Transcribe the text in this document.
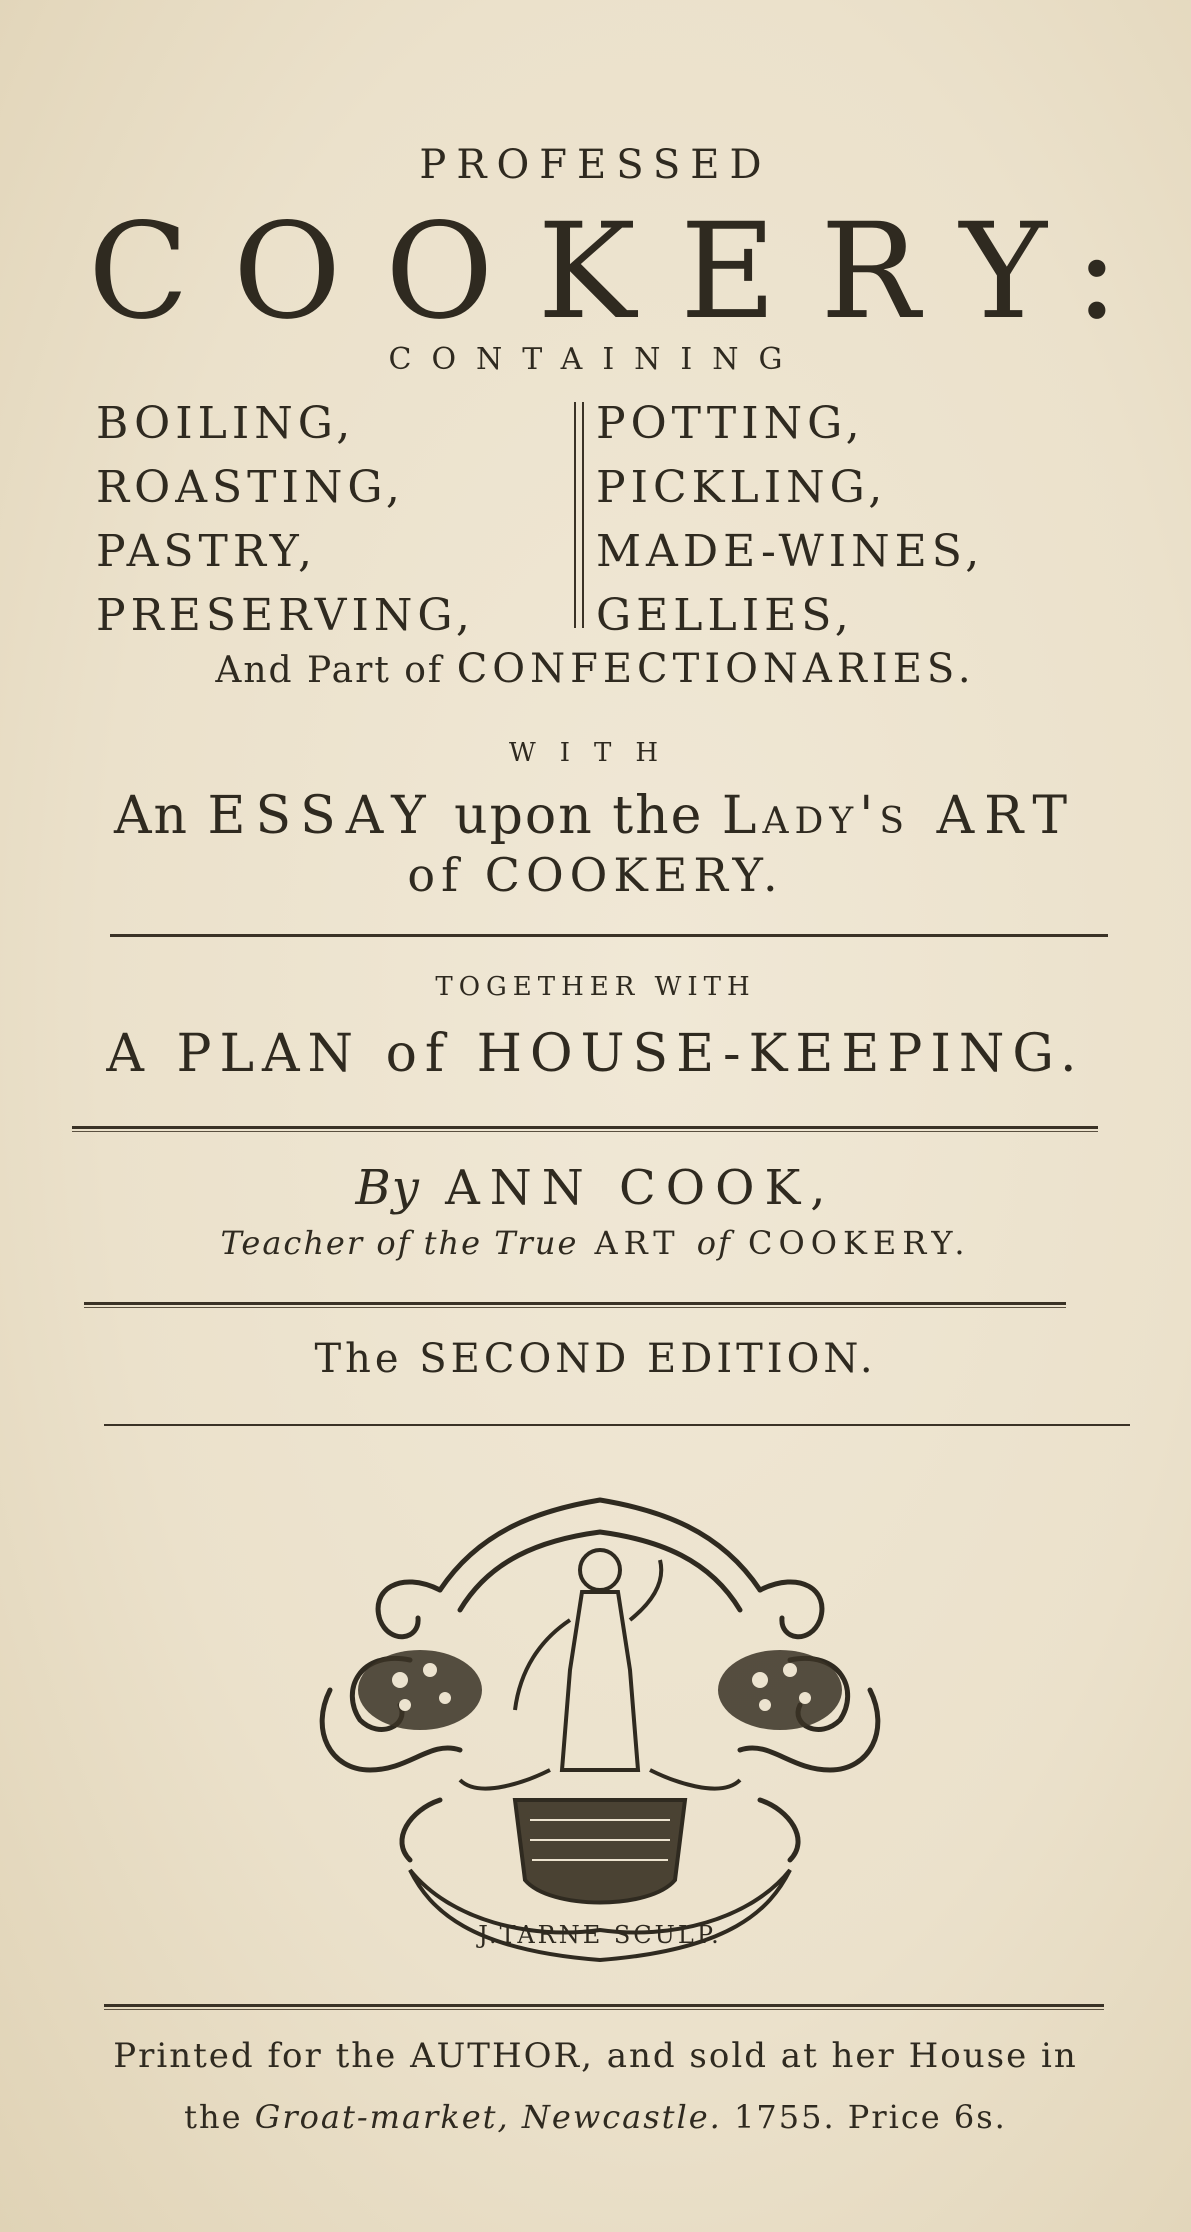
PROFESSED
COOKERY:
CONTAINING
BOILING,
ROASTING,
PASTRY,
PRESERVING,
POTTING,
PICKLING,
MADE-WINES,
GELLIES,
And Part of CONFECTIONARIES.
WITH
An ESSAY upon the Lady's ART
of COOKERY.
TOGETHER WITH
A PLAN of HOUSE-KEEPING.
By ANN COOK,
Teacher of the True ART of COOKERY.
The SECOND EDITION.
J.TARNE SCULP.
Printed for the AUTHOR, and sold at her House in
the Groat-market, Newcastle. 1755. Price 6s.
